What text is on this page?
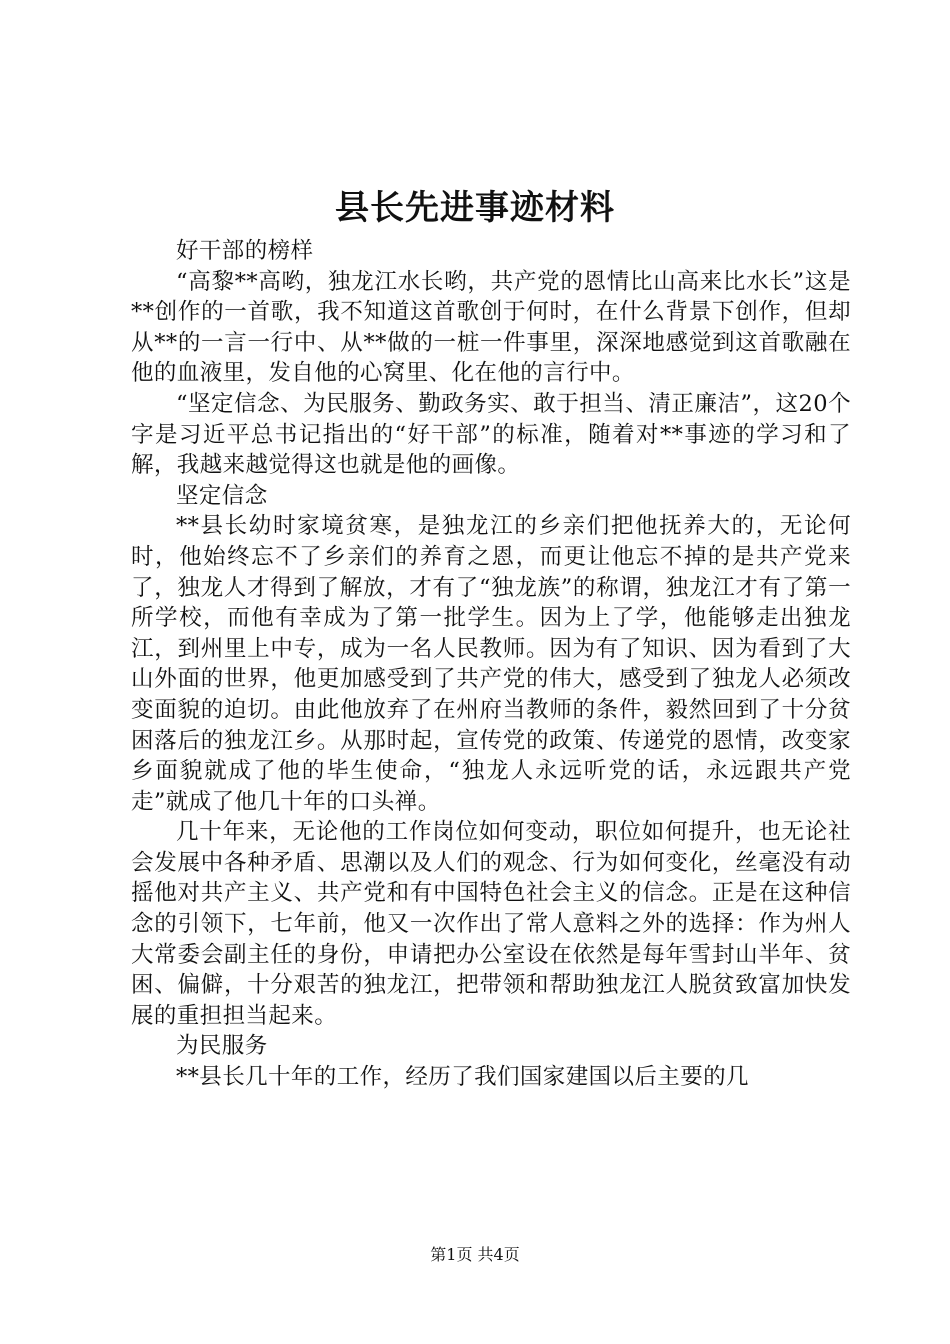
县长先进事迹材料

好干部的榜样

“高黎**高哟，独龙江水长哟，共产党的恩情比山高来比水长”这是**创作的一首歌，我不知道这首歌创于何时，在什么背景下创作，但却从**的一言一行中、从**做的一桩一件事里，深深地感觉到这首歌融在他的血液里，发自他的心窝里、化在他的言行中。

“坚定信念、为民服务、勤政务实、敢于担当、清正廉洁”，这20个字是习近平总书记指出的“好干部”的标准，随着对**事迹的学习和了解，我越来越觉得这也就是他的画像。

坚定信念

**县长幼时家境贫寒，是独龙江的乡亲们把他抚养大的，无论何时，他始终忘不了乡亲们的养育之恩，而更让他忘不掉的是共产党来了，独龙人才得到了解放，才有了“独龙族”的称谓，独龙江才有了第一所学校，而他有幸成为了第一批学生。因为上了学，他能够走出独龙江，到州里上中专，成为一名人民教师。因为有了知识、因为看到了大山外面的世界，他更加感受到了共产党的伟大，感受到了独龙人必须改变面貌的迫切。由此他放弃了在州府当教师的条件，毅然回到了十分贫困落后的独龙江乡。从那时起，宣传党的政策、传递党的恩情，改变家乡面貌就成了他的毕生使命，“独龙人永远听党的话，永远跟共产党走”就成了他几十年的口头禅。

几十年来，无论他的工作岗位如何变动，职位如何提升，也无论社会发展中各种矛盾、思潮以及人们的观念、行为如何变化，丝毫没有动摇他对共产主义、共产党和有中国特色社会主义的信念。正是在这种信念的引领下，七年前，他又一次作出了常人意料之外的选择：作为州人大常委会副主任的身份，申请把办公室设在依然是每年雪封山半年、贫困、偏僻，十分艰苦的独龙江，把带领和帮助独龙江人脱贫致富加快发展的重担担当起来。

为民服务

**县长几十年的工作，经历了我们国家建国以后主要的几

第1页 共4页
